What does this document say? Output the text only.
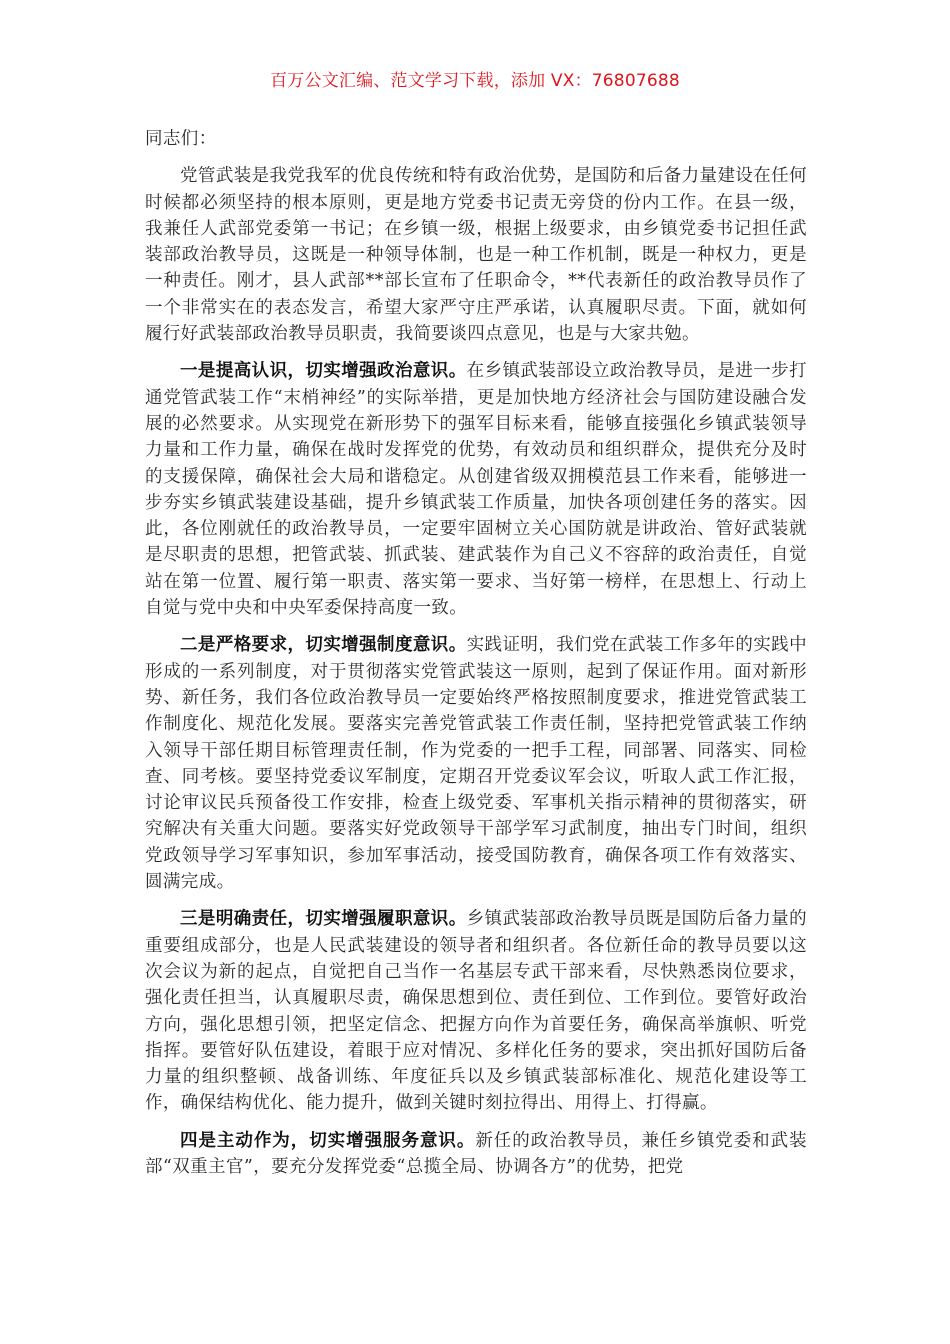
百万公文汇编、范文学习下载，添加 VX：76807688

同志们：

党管武装是我党我军的优良传统和特有政治优势，是国防和后备力量建设在任何时候都必须坚持的根本原则，更是地方党委书记责无旁贷的份内工作。在县一级，我兼任人武部党委第一书记；在乡镇一级，根据上级要求，由乡镇党委书记担任武装部政治教导员，这既是一种领导体制，也是一种工作机制，既是一种权力，更是一种责任。刚才，县人武部**部长宣布了任职命令，**代表新任的政治教导员作了一个非常实在的表态发言，希望大家严守庄严承诺，认真履职尽责。下面，就如何履行好武装部政治教导员职责，我简要谈四点意见，也是与大家共勉。

一是提高认识，切实增强政治意识。在乡镇武装部设立政治教导员，是进一步打通党管武装工作“末梢神经”的实际举措，更是加快地方经济社会与国防建设融合发展的必然要求。从实现党在新形势下的强军目标来看，能够直接强化乡镇武装领导力量和工作力量，确保在战时发挥党的优势，有效动员和组织群众，提供充分及时的支援保障，确保社会大局和谐稳定。从创建省级双拥模范县工作来看，能够进一步夯实乡镇武装建设基础，提升乡镇武装工作质量，加快各项创建任务的落实。因此，各位刚就任的政治教导员，一定要牢固树立关心国防就是讲政治、管好武装就是尽职责的思想，把管武装、抓武装、建武装作为自己义不容辞的政治责任，自觉站在第一位置、履行第一职责、落实第一要求、当好第一榜样，在思想上、行动上自觉与党中央和中央军委保持高度一致。

二是严格要求，切实增强制度意识。实践证明，我们党在武装工作多年的实践中形成的一系列制度，对于贯彻落实党管武装这一原则，起到了保证作用。面对新形势、新任务，我们各位政治教导员一定要始终严格按照制度要求，推进党管武装工作制度化、规范化发展。要落实完善党管武装工作责任制，坚持把党管武装工作纳入领导干部任期目标管理责任制，作为党委的一把手工程，同部署、同落实、同检查、同考核。要坚持党委议军制度，定期召开党委议军会议，听取人武工作汇报，讨论审议民兵预备役工作安排，检查上级党委、军事机关指示精神的贯彻落实，研究解决有关重大问题。要落实好党政领导干部学军习武制度，抽出专门时间，组织党政领导学习军事知识，参加军事活动，接受国防教育，确保各项工作有效落实、圆满完成。

三是明确责任，切实增强履职意识。乡镇武装部政治教导员既是国防后备力量的重要组成部分，也是人民武装建设的领导者和组织者。各位新任命的教导员要以这次会议为新的起点，自觉把自己当作一名基层专武干部来看，尽快熟悉岗位要求，强化责任担当，认真履职尽责，确保思想到位、责任到位、工作到位。要管好政治方向，强化思想引领，把坚定信念、把握方向作为首要任务，确保高举旗帜、听党指挥。要管好队伍建设，着眼于应对情况、多样化任务的要求，突出抓好国防后备力量的组织整顿、战备训练、年度征兵以及乡镇武装部标准化、规范化建设等工作，确保结构优化、能力提升，做到关键时刻拉得出、用得上、打得赢。

四是主动作为，切实增强服务意识。新任的政治教导员，兼任乡镇党委和武装部“双重主官”，要充分发挥党委“总揽全局、协调各方”的优势，把党
